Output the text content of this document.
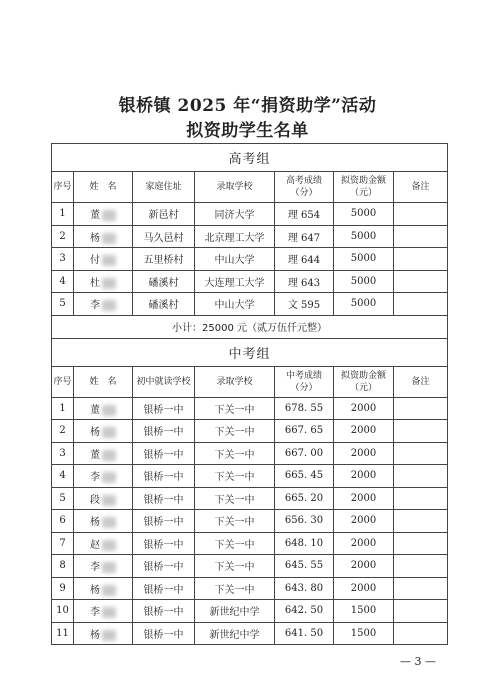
银桥镇 2025 年“捐资助学”活动
拟资助学生名单
高考组						
序号	姓　名	家庭住址	录取学校	高考成绩（分）	拟资助金额（元）	备注
1	董	新邑村	同济大学	理 654	5000	
2	杨	马久邑村	北京理工大学	理 647	5000	
3	付	五里桥村	中山大学	理 644	5000	
4	杜	磻溪村	大连理工大学	理 643	5000	
5	李	磻溪村	中山大学	文 595	5000	
小计：25000 元（贰万伍仟元整）						
中考组						
序号	姓　名	初中就读学校	录取学校	中考成绩（分）	拟资助金额（元）	备注
1	董	银桥一中	下关一中	678. 55	2000	
2	杨	银桥一中	下关一中	667. 65	2000	
3	董	银桥一中	下关一中	667. 00	2000	
4	李	银桥一中	下关一中	665. 45	2000	
5	段	银桥一中	下关一中	665. 20	2000	
6	杨	银桥一中	下关一中	656. 30	2000	
7	赵	银桥一中	下关一中	648. 10	2000	
8	李	银桥一中	下关一中	645. 55	2000	
9	杨	银桥一中	下关一中	643. 80	2000	
10	李	银桥一中	新世纪中学	642. 50	1500	
11	杨	银桥一中	新世纪中学	641. 50	1500	
— 3 —
